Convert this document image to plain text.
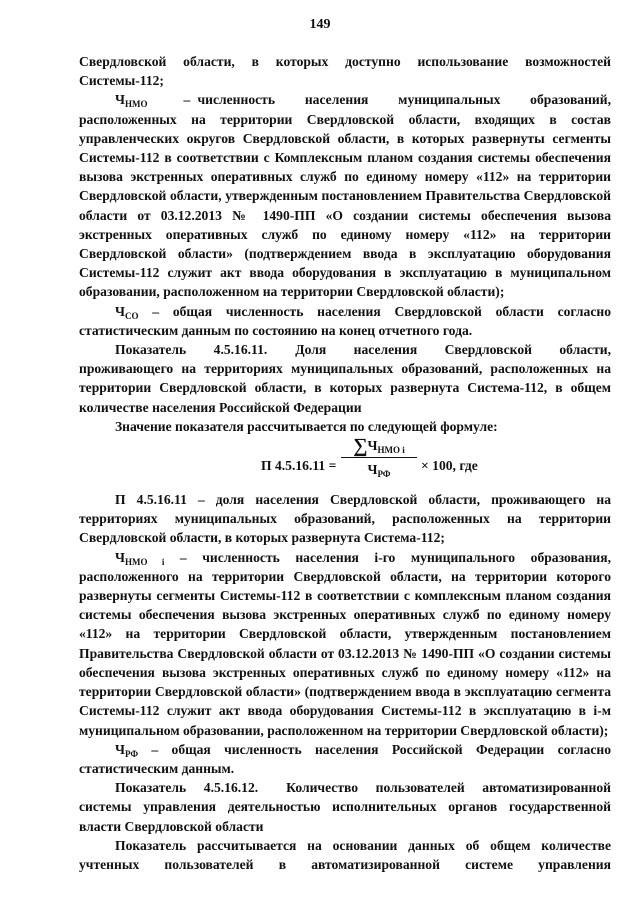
149

Свердловской области, в которых доступно использование возможностей Системы-112;

$Ч_{НМО}$	– численность населения муниципальных образований, расположенных на территории Свердловской области, входящих в состав управленческих округов Свердловской области, в которых развернуты сегменты Системы-112 в соответствии с Комплексным планом создания системы обеспечения вызова экстренных оперативных служб по единому номеру «112» на территории Свердловской области, утвержденным постановлением Правительства Свердловской области от 03.12.2013 № 1490-ПП «О создании системы обеспечения вызова экстренных оперативных служб по единому номеру «112» на территории Свердловской области» (подтверждением ввода в эксплуатацию оборудования Системы-112 служит акт ввода оборудования в эксплуатацию в муниципальном образовании, расположенном на территории Свердловской области);

$Ч_{СО}$ – общая численность населения Свердловской области согласно статистическим данным по состоянию на конец отчетного года.

Показатель 4.5.16.11. Доля населения Свердловской области, проживающего на территориях муниципальных образований, расположенных на территории Свердловской области, в которых развернута Система-112, в общем количестве населения Российской Федерации

Значение показателя рассчитывается по следующей формуле:

П 4.5.16.11 =
$\sum Ч_{НМО i}$
$Ч_{РФ}$
× 100, где

П 4.5.16.11 – доля населения Свердловской области, проживающего на территориях муниципальных образований, расположенных на территории Свердловской области, в которых развернута Система-112;

$Ч_{НМО i}$ – численность населения i-го муниципального образования, расположенного на территории Свердловской области, на территории которого развернуты сегменты Системы-112 в соответствии с комплексным планом создания системы обеспечения вызова экстренных оперативных служб по единому номеру «112» на территории Свердловской области, утвержденным постановлением Правительства Свердловской области от 03.12.2013 № 1490-ПП «О создании системы обеспечения вызова экстренных оперативных служб по единому номеру «112» на территории Свердловской области» (подтверждением ввода в эксплуатацию сегмента Системы-112 служит акт ввода оборудования Системы-112 в эксплуатацию в i-м муниципальном образовании, расположенном на территории Свердловской области);

$Ч_{РФ}$ – общая численность населения Российской Федерации согласно статистическим данным.

Показатель 4.5.16.12. Количество пользователей автоматизированной системы управления деятельностью исполнительных органов государственной власти Свердловской области

Показатель рассчитывается на основании данных об общем количестве учтенных пользователей в автоматизированной системе управления
